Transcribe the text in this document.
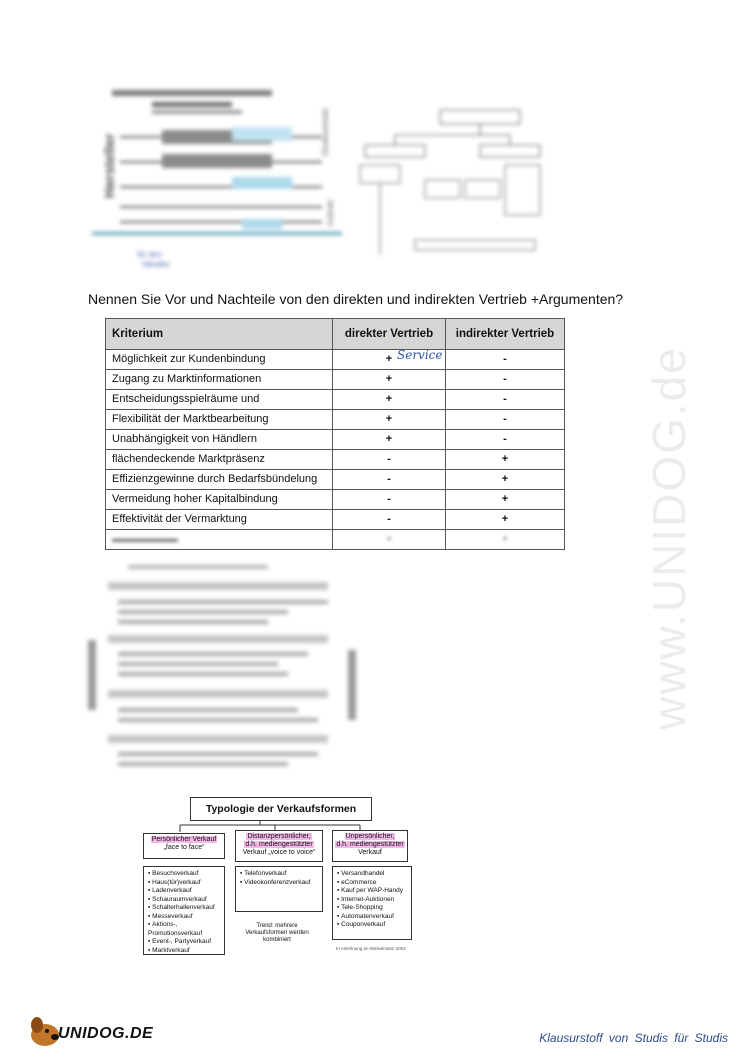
Hersteller
Direktvertrieb
Indirekt
für den
Händler
Nennen Sie Vor und Nachteile von den direkten und indirekten Vertrieb +Argumenten?
Kriterium	direkter Vertrieb	indirekter Vertrieb
Möglichkeit zur Kundenbindung	+	-
Zugang zu Marktinformationen	+	-
Entscheidungsspielräume und	+	-
Flexibilität der Marktbearbeitung	+	-
Unabhängigkeit von Händlern	+	-
flächendeckende Marktpräsenz	-	+
Effizienzgewinne durch Bedarfsbündelung	-	+
Vermeidung hoher Kapitalbindung	-	+
Effektivität der Vermarktung	-	+
▬▬▬▬▬▬	•	•
Service
Typologie der Verkaufsformen
Persönlicher Verkauf
„face to face“
Distanzpersönlicher,
d.h. mediengestützter
Verkauf „voice to voice“
Unpersönlicher,
d.h. mediengestützter
Verkauf
▪ Besuchsverkauf
▪ Haus(tür)verkauf
▪ Ladenverkauf
▪ Schauraumverkauf
▪ Schalterhallenverkauf
▪ Messeverkauf
▪ Aktions-, Promotionsverkauf
▪ Event-, Partyverkauf
▪ Marktverkauf
▪ Telefonverkauf
▪ Videokonferenzverkauf
Trend: mehrere
Verkaufsformen werden
kombiniert
▪ Versandhandel
▪ eCommerce
▪ Kauf per WAP-Handy
▪ Internet-Auktionen
▪ Tele-Shopping
▪ Automatenverkauf
▪ Couponverkauf
In Anlehnung an Winkelmann 2004
www.UNIDOG.de
UNIDOG.DE	Klausurstoff von Studis für Studis
